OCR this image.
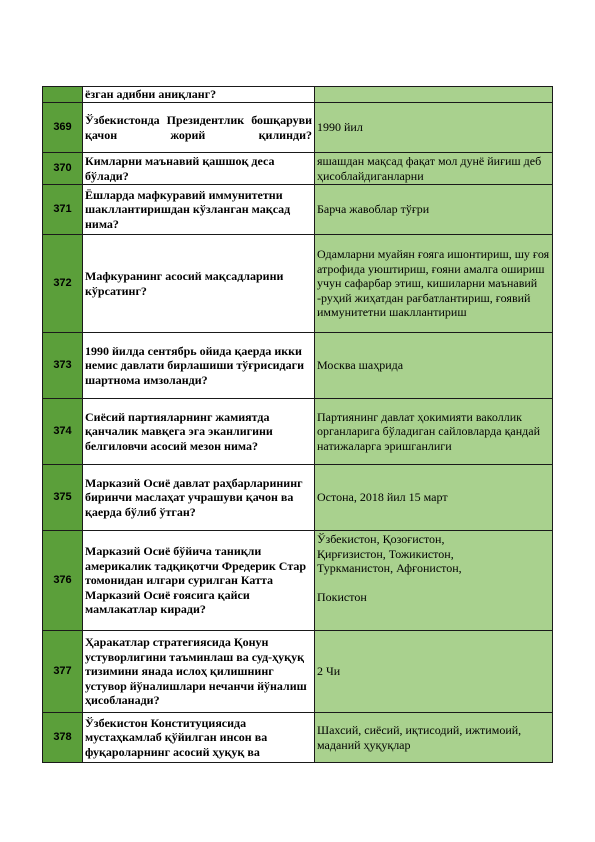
	ёзган адибни аниқланг?	
369	Ўзбекистонда Президентлик бошқаруви қачон жорий қилинди?	1990 йил
370	Кимларни маънавий қашшоқ деса бўлади?	яшашдан мақсад фақат мол дунё йиғиш деб ҳисоблайдиганларни
371	Ёшларда мафкуравий иммунитетни шакллантиришдан кўзланган мақсад нима?	Барча жавоблар тўғри
372	Мафкуранинг асосий мақсадларини кўрсатинг?	Одамларни муайян ғояга ишонтириш, шу ғоя атрофида уюштириш, ғояни амалга ошириш учун сафарбар этиш, кишиларни маънавий -руҳий жиҳатдан рағбатлантириш, ғоявий иммунитетни шакллантириш
373	1990 йилда сентябрь ойида қаерда икки немис давлати бирлашиши тўғрисидаги шартнома имзоланди?	Москва шаҳрида
374	Сиёсий партияларнинг жамиятда қанчалик мавқега эга эканлигини белгиловчи асосий мезон нима?	Партиянинг давлат ҳокимияти ваколлик органларига бўладиган сайловларда қандай натижаларга эришганлиги
375	Марказий Осиё давлат раҳбарларининг биринчи маслаҳат учрашуви қачон ва қаерда бўлиб ўтган?	Остона, 2018 йил 15 март
376	Марказий Осиё бўйича таниқли америкалик тадқиқотчи Фредерик Стар томонидан илгари сурилган Катта Марказий Осиё ғоясига қайси мамлакатлар киради?	Ўзбекистон, Қозоғистон,
Қирғизистон, Тожикистон,
Туркманистон, Афғонистон,

Покистон
377	Ҳаракатлар стратегиясида Қонун устуворлигини таъминлаш ва суд-ҳуқуқ тизимини янада ислоҳ қилишнинг устувор йўналишлари нечанчи йўналиш ҳисобланади?	2 Чи
378	Ўзбекистон Конституциясида мустаҳкамлаб қўйилган инсон ва фуқароларнинг асосий ҳуқуқ ва	Шахсий, сиёсий, иқтисодий, ижтимоий, маданий ҳуқуқлар
